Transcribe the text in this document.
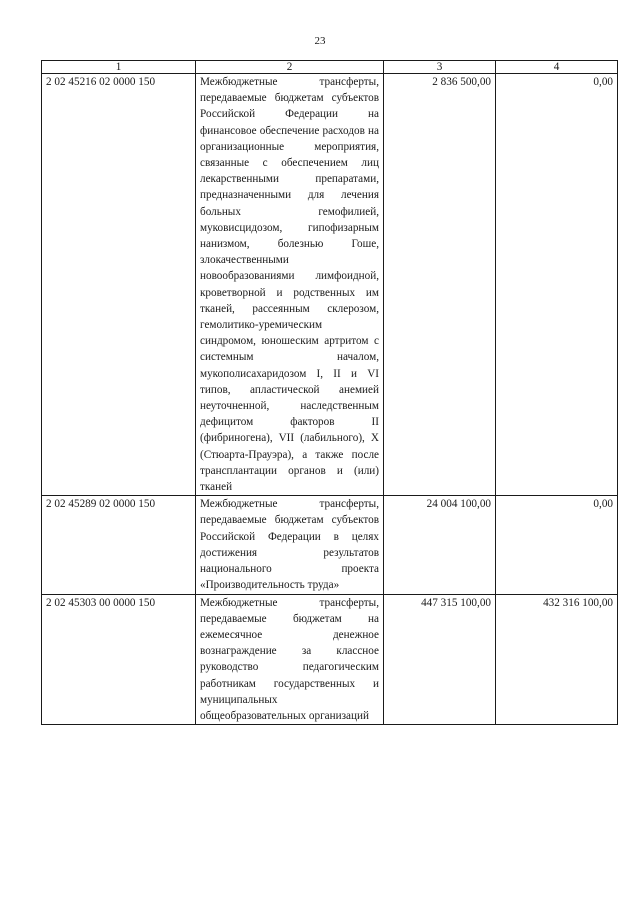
23
1	2	3	4
2 02 45216 02 0000 150	Межбюджетные трансферты, передаваемые бюджетам субъектов Российской Федерации на финансовое обеспечение расходов на организационные мероприятия, связанные с обеспечением лиц лекарственными препаратами, предназначенными для лечения больных гемофилией, муковисцидозом, гипофизарным нанизмом, болезнью Гоше, злокачественными новообразованиями лимфоидной, кроветворной и родственных им тканей, рассеянным склерозом, гемолитико-уремическим синдромом, юношеским артритом с системным началом, мукополисахаридозом I, II и VI типов, апластической анемией неуточненной, наследственным дефицитом факторов II (фибриногена), VII (лабильного), X (Стюарта-Прауэра), а также после трансплантации органов и (или) тканей	2 836 500,00	0,00
2 02 45289 02 0000 150	Межбюджетные трансферты, передаваемые бюджетам субъектов Российской Федерации в целях достижения результатов национального проекта «Производительность труда»	24 004 100,00	0,00
2 02 45303 00 0000 150	Межбюджетные трансферты, передаваемые бюджетам на ежемесячное денежное вознаграждение за классное руководство педагогическим работникам государственных и муниципальных общеобразовательных организаций	447 315 100,00	432 316 100,00
